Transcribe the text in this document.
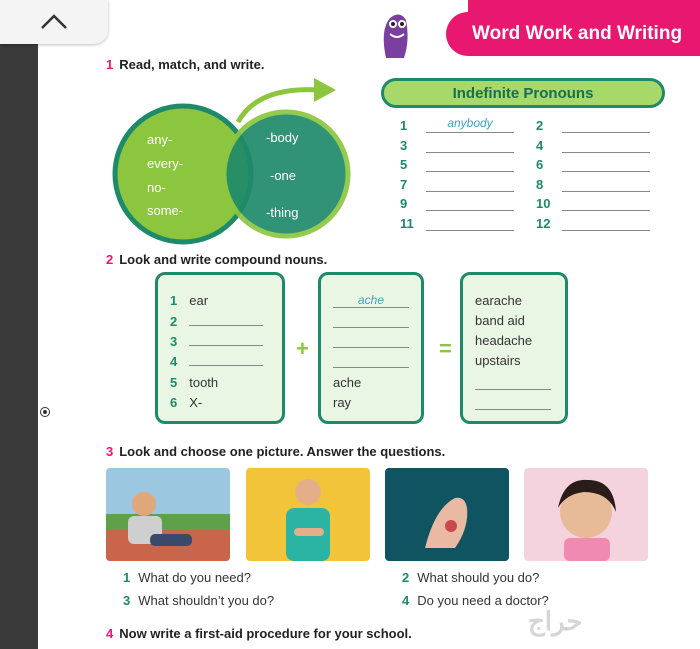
Word Work and Writing
1 Read, match, and write.
any-
every-
no-
some-
-body
-one
-thing
Indefinite Pronouns
1	anybody	2
3	4
5	6
7	8
9	10
11	12
2 Look and write compound nouns.
1 ear
2
3
4
5 tooth
6 X-
+
ache
ache
ray
=
earache
band aid
headache
upstairs
3 Look and choose one picture. Answer the questions.
1 What do you need?	2 What should you do?
3 What shouldn’t you do?	4 Do you need a doctor?
4 Now write a first-aid procedure for your school.	حراج
